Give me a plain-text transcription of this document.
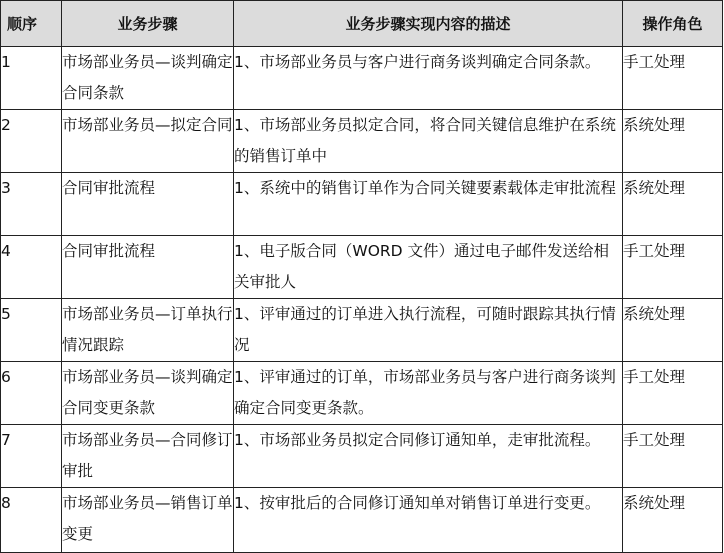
顺序	业务步骤	业务步骤实现内容的描述	操作角色
1	市场部业务员—谈判确定合同条款	1、市场部业务员与客户进行商务谈判确定合同条款。	手工处理
2	市场部业务员—拟定合同	1、市场部业务员拟定合同，将合同关键信息维护在系统的销售订单中	系统处理
3	合同审批流程	1、系统中的销售订单作为合同关键要素载体走审批流程	系统处理
4	合同审批流程	1、电子版合同（WORD 文件）通过电子邮件发送给相关审批人	手工处理
5	市场部业务员—订单执行情况跟踪	1、评审通过的订单进入执行流程，可随时跟踪其执行情况	系统处理
6	市场部业务员—谈判确定合同变更条款	1、评审通过的订单，市场部业务员与客户进行商务谈判确定合同变更条款。	手工处理
7	市场部业务员—合同修订审批	1、市场部业务员拟定合同修订通知单，走审批流程。	手工处理
8	市场部业务员—销售订单变更	1、按审批后的合同修订通知单对销售订单进行变更。	系统处理
